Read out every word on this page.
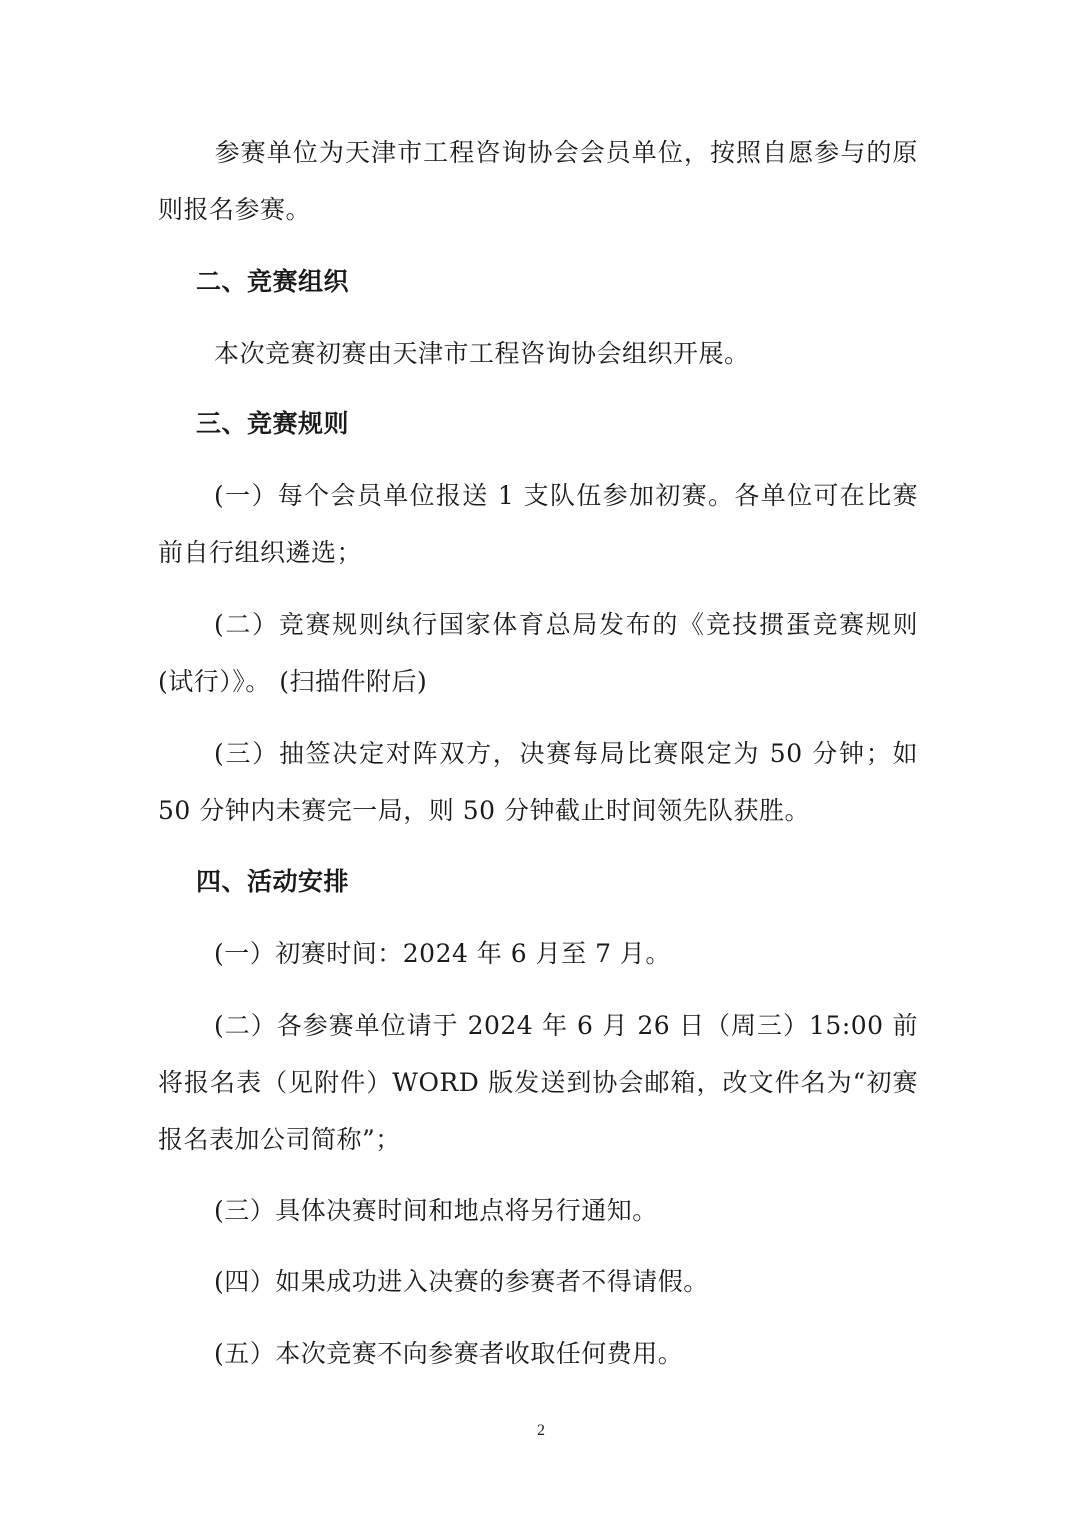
参赛单位为天津市工程咨询协会会员单位，按照自愿参与的原则报名参赛。

二、竞赛组织

本次竞赛初赛由天津市工程咨询协会组织开展。

三、竞赛规则

(一）每个会员单位报送 1 支队伍参加初赛。各单位可在比赛前自行组织遴选；

(二）竞赛规则纨行国家体育总局发布的《竞技掼蛋竞赛规则 (试行）》。 (扫描件附后)

(三）抽签决定对阵双方，决赛每局比赛限定为 50 分钟；如 50 分钟内未赛完一局，则 50 分钟截止时间领先队获胜。

四、活动安排

(一）初赛时间：2024 年 6 月至 7 月。

(二）各参赛单位请于 2024 年 6 月 26 日（周三）15:00 前将报名表（见附件）WORD 版发送到协会邮箱，改文件名为“初赛报名表加公司简称”；

(三）具体决赛时间和地点将另行通知。

(四）如果成功进入决赛的参赛者不得请假。

(五）本次竞赛不向参赛者收取任何费用。

2
